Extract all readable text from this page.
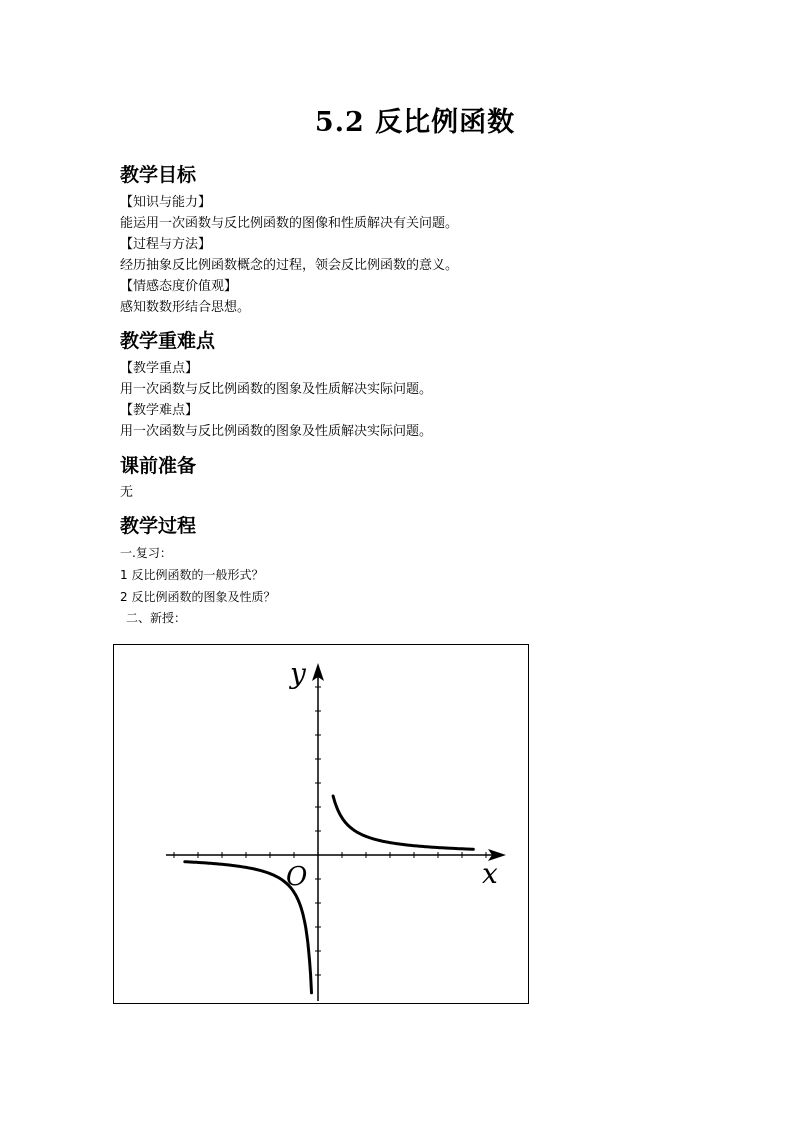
5.2 反比例函数
教学目标
【知识与能力】
能运用一次函数与反比例函数的图像和性质解决有关问题。
【过程与方法】
经历抽象反比例函数概念的过程，领会反比例函数的意义。
【情感态度价值观】
感知数数形结合思想。
教学重难点
【教学重点】
用一次函数与反比例函数的图象及性质解决实际问题。
【教学难点】
用一次函数与反比例函数的图象及性质解决实际问题。
课前准备
无
教学过程
一.复习：
1 反比例函数的一般形式？
2 反比例函数的图象及性质？
二、新授：
y
x
O
